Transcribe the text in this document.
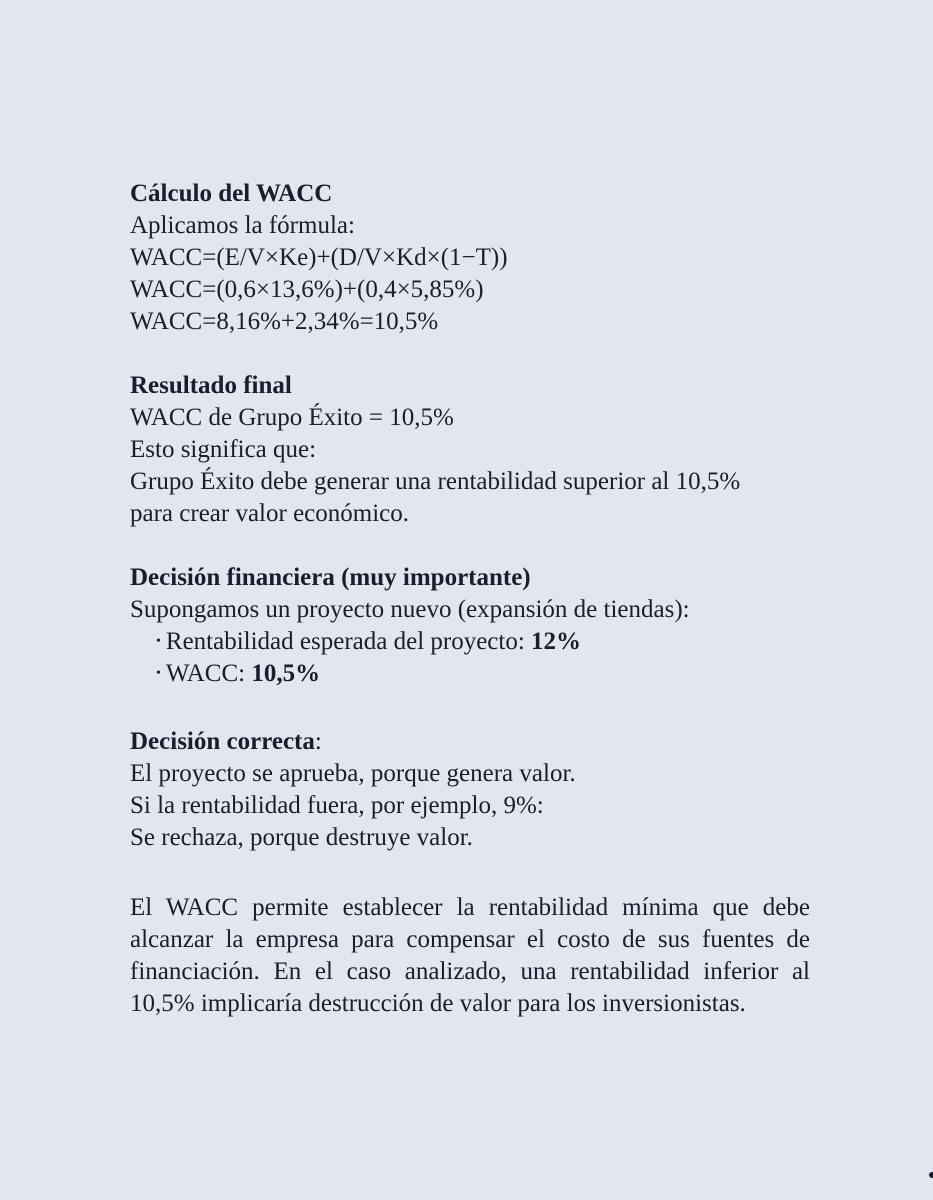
Cálculo del WACC
Aplicamos la fórmula:
WACC=(E/V×Ke)+(D/V×Kd×(1−T))
WACC=(0,6×13,6%)+(0,4×5,85%)
WACC=8,16%+2,34%=10,5%
Resultado final
WACC de Grupo Éxito = 10,5%
Esto significa que:
Grupo Éxito debe generar una rentabilidad superior al 10,5%
para crear valor económico.
Decisión financiera (muy importante)
Supongamos un proyecto nuevo (expansión de tiendas):
• Rentabilidad esperada del proyecto: 12%
• WACC: 10,5%
Decisión correcta:
El proyecto se aprueba, porque genera valor.
Si la rentabilidad fuera, por ejemplo, 9%:
Se rechaza, porque destruye valor.
El WACC permite establecer la rentabilidad mínima que debe alcanzar la empresa para compensar el costo de sus fuentes de financiación. En el caso analizado, una rentabilidad inferior al 10,5% implicaría destrucción de valor para los inversionistas.
